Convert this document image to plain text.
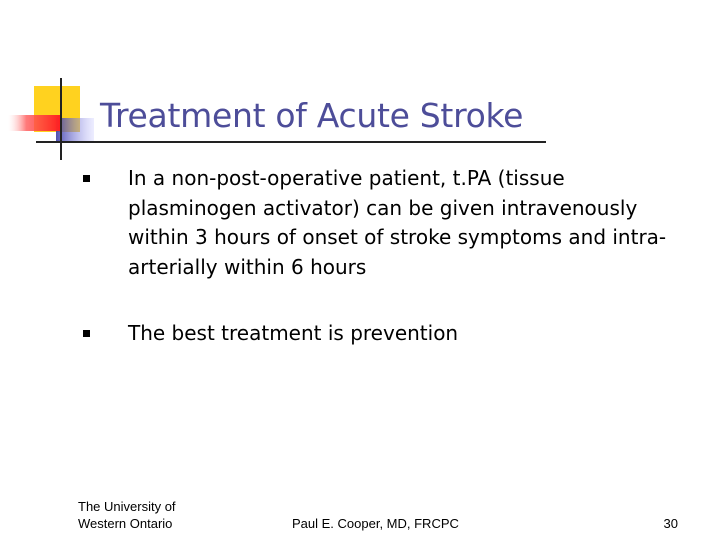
Treatment of Acute Stroke
In a non-post-operative patient, t.PA (tissue
plasminogen activator) can be given intravenously
within 3 hours of onset of stroke symptoms and intra-
arterially within 6 hours
The best treatment is prevention
The University of
Western Ontario	Paul E. Cooper, MD, FRCPC	30
